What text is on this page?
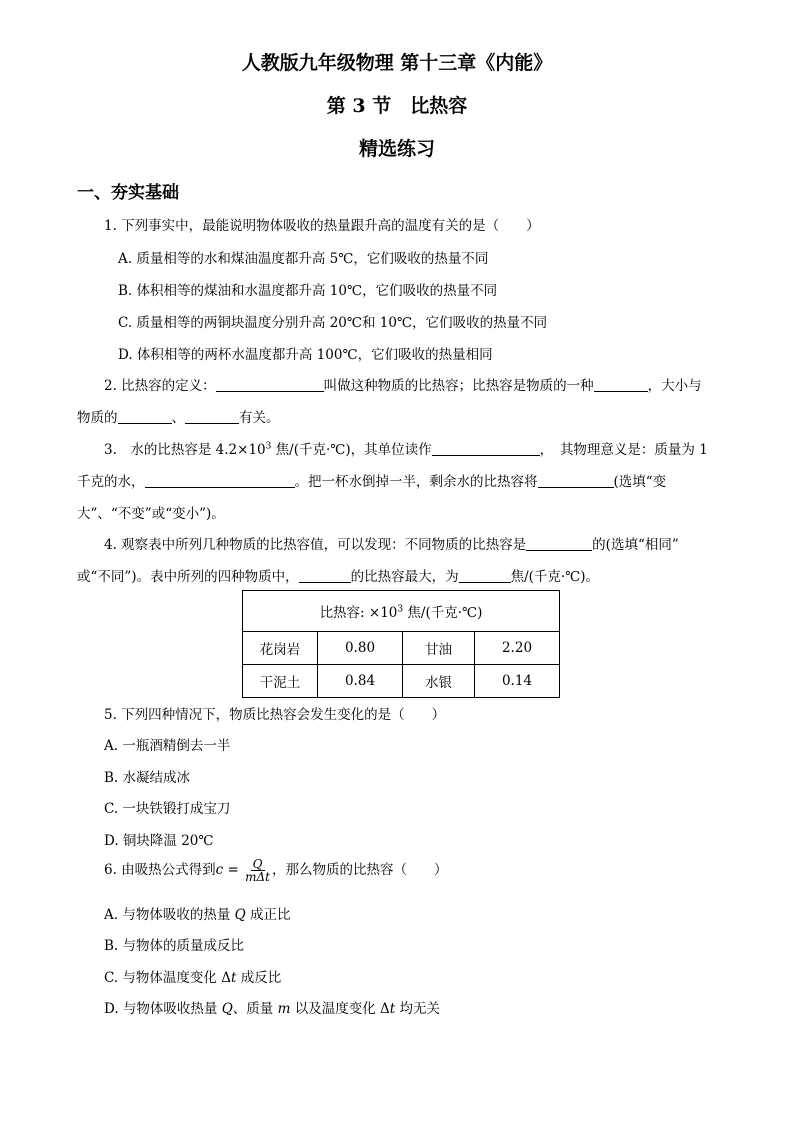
人教版九年级物理 第十三章《内能》
第 3 节　比热容
精选练习
一、夯实基础
1. 下列事实中，最能说明物体吸收的热量跟升高的温度有关的是（　　）
A. 质量相等的水和煤油温度都升高 5℃，它们吸收的热量不同
B. 体积相等的煤油和水温度都升高 10℃，它们吸收的热量不同
C. 质量相等的两铜块温度分别升高 20℃和 10℃，它们吸收的热量不同
D. 体积相等的两杯水温度都升高 100℃，它们吸收的热量相同
2. 比热容的定义：	叫做这种物质的比热容；比热容是物质的一种	，大小与
物质的	、	有关。
3.　水的比热容是 $4.2\times 10^3$ 焦/(千克·℃)，其单位读作	，　其物理意义是：质量为 1
千克的水，	。把一杯水倒掉一半，剩余水的比热容将	(选填“变
大”、“不变”或“变小”)。
4. 观察表中所列几种物质的比热容值，可以发现：不同物质的比热容是	的(选填“相同”
或“不同”)。表中所列的四种物质中，	的比热容最大，为	焦/(千克·℃)。
比热容: $\times 10^3$ 焦/(千克·℃)			
花岗岩	0.80	甘油	2.20
干泥土	0.84	水银	0.14
5. 下列四种情况下，物质比热容会发生变化的是（　　）
A. 一瓶酒精倒去一半
B. 水凝结成冰
C. 一块铁锻打成宝刀
D. 铜块降温 20℃
6. 由吸热公式得到$c = \frac{Q}{\text{mΔt}}$ ，那么物质的比热容（　　）
A. 与物体吸收的热量 Q 成正比
B. 与物体的质量成反比
C. 与物体温度变化 Δt 成反比
D. 与物体吸收热量 Q、质量 m 以及温度变化 Δt 均无关
